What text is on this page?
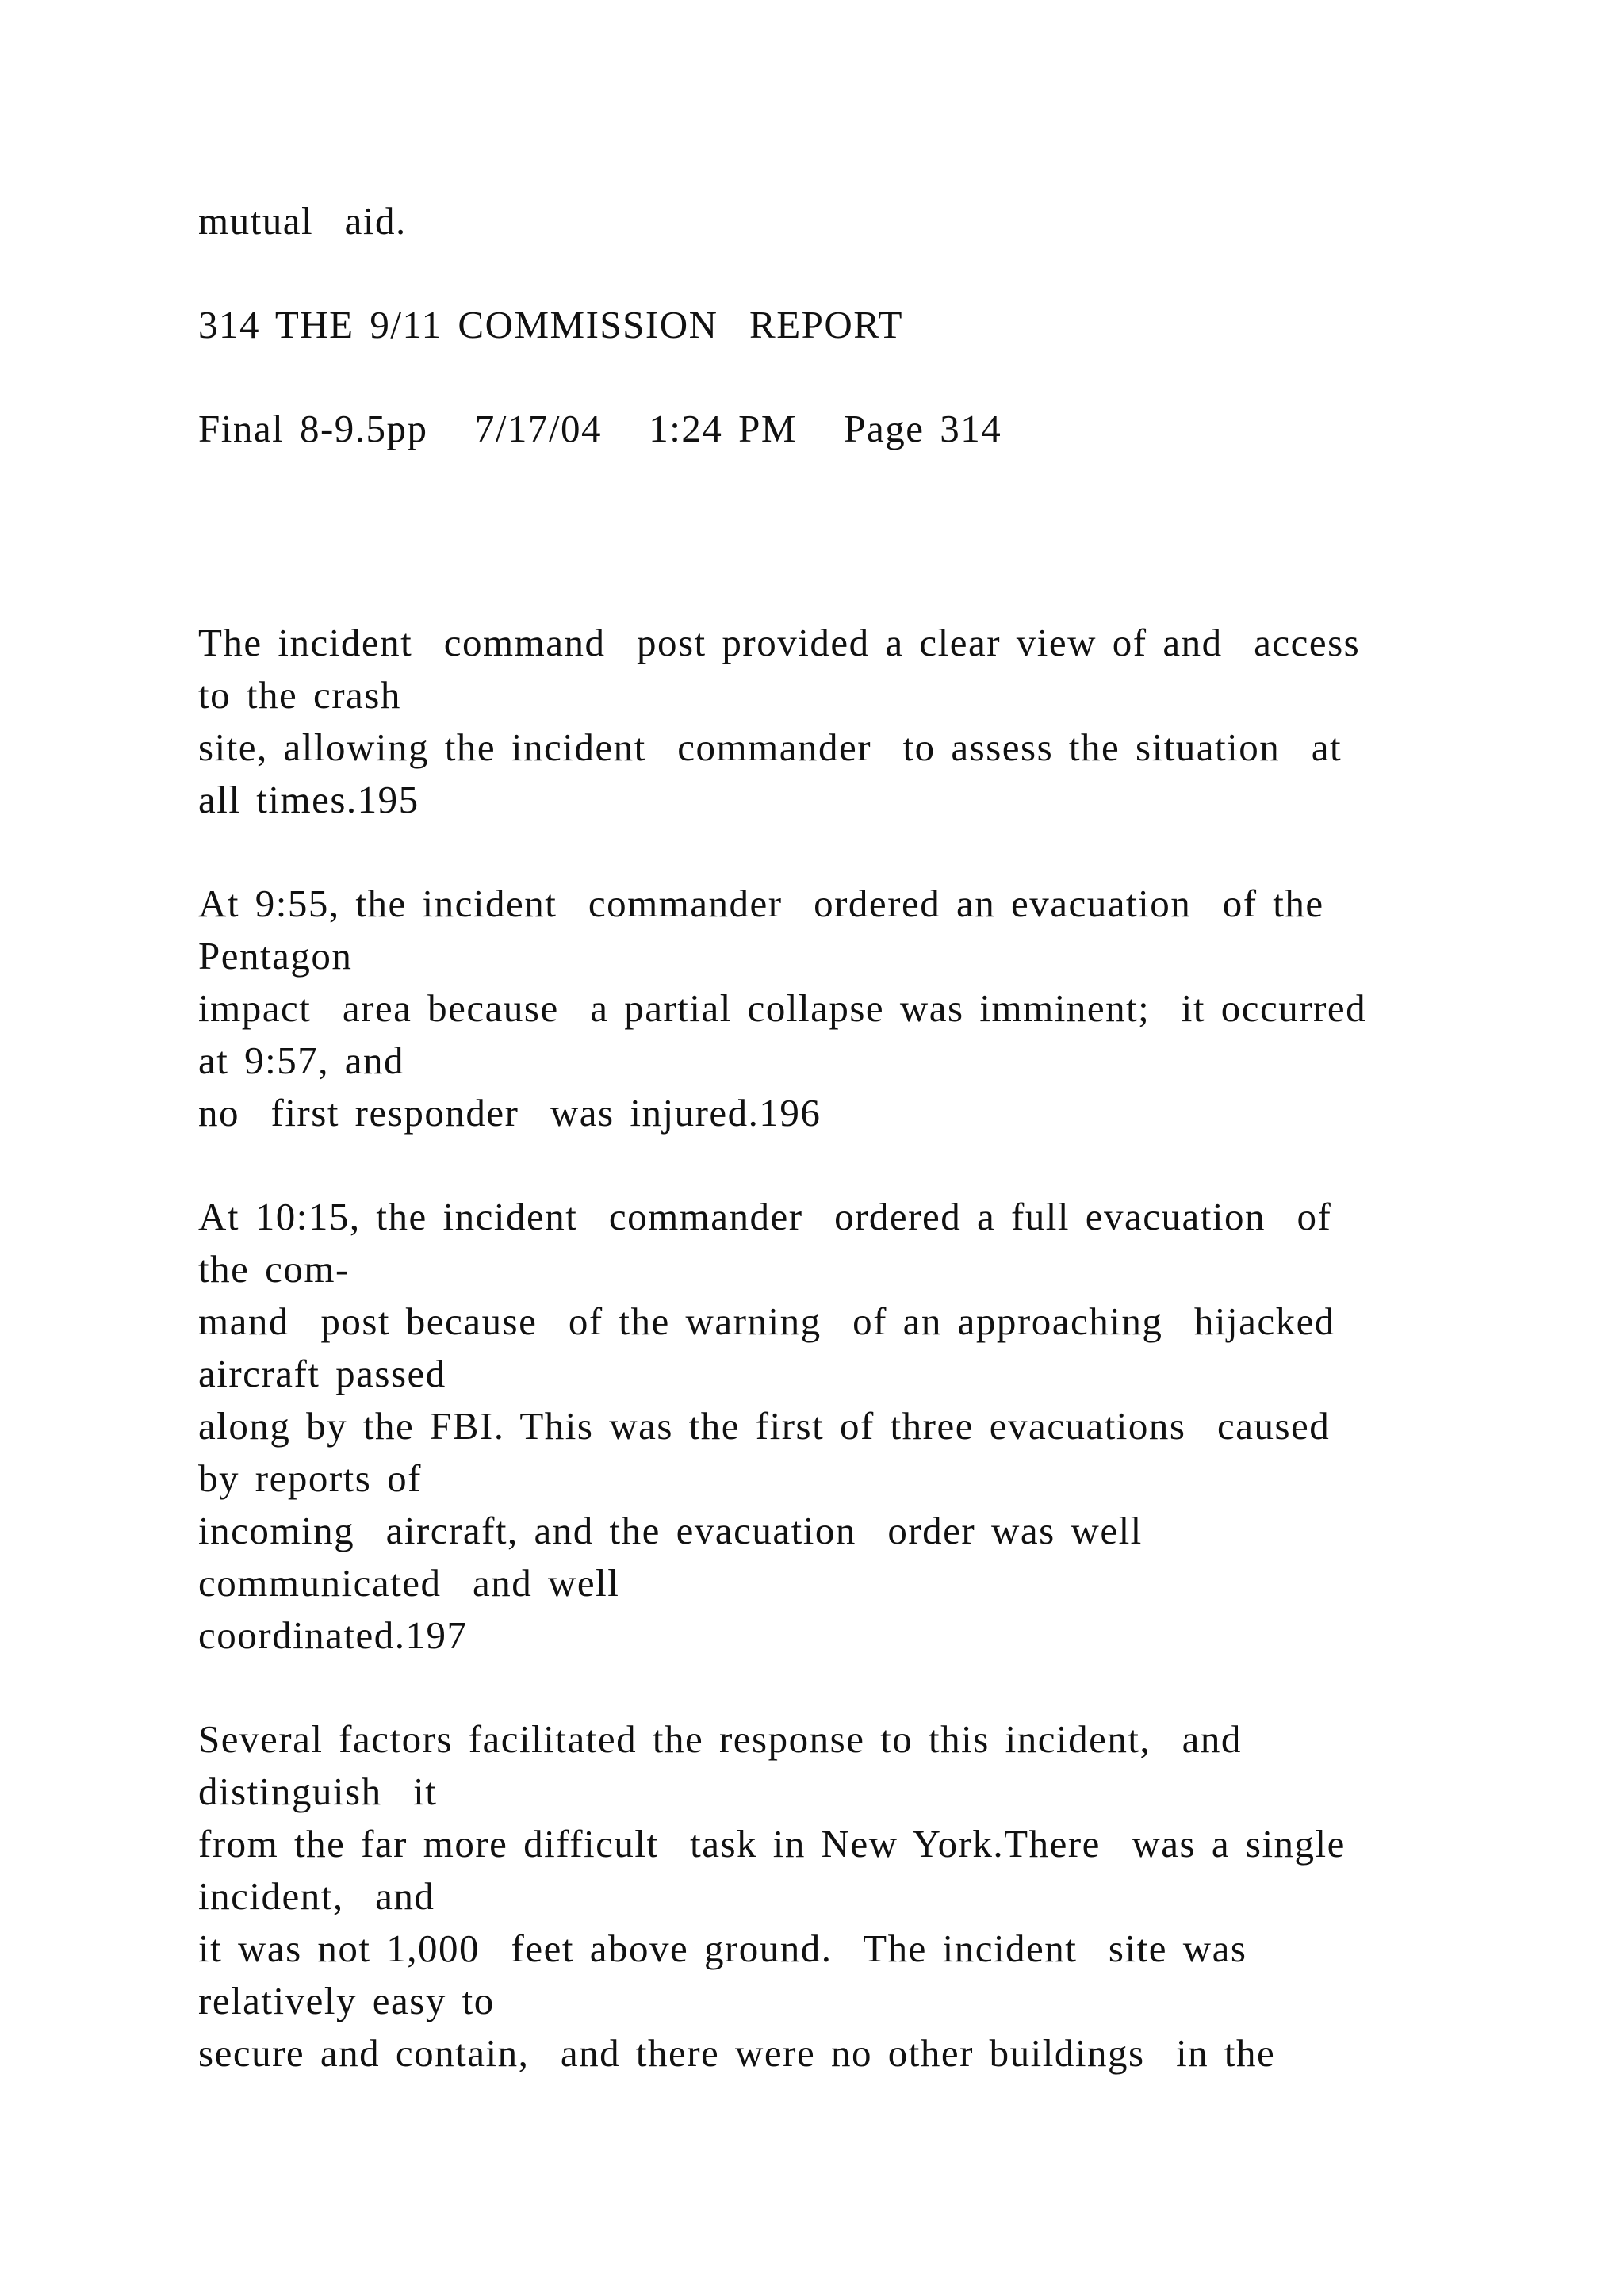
mutual  aid.

314 THE 9/11 COMMISSION  REPORT

Final 8-9.5pp   7/17/04   1:24 PM   Page 314

The incident  command  post provided a clear view of and  access

to the crash

site, allowing the incident  commander  to assess the situation  at

all times.195

At 9:55, the incident  commander  ordered an evacuation  of the

Pentagon

impact  area because  a partial collapse was imminent;  it occurred

at 9:57, and

no  first responder  was injured.196

At 10:15, the incident  commander  ordered a full evacuation  of

the com-

mand  post because  of the warning  of an approaching  hijacked

aircraft passed

along by the FBI. This was the first of three evacuations  caused

by reports of

incoming  aircraft, and the evacuation  order was well

communicated  and well

coordinated.197

Several factors facilitated the response to this incident,  and

distinguish  it

from the far more difficult  task in New York.There  was a single

incident,  and

it was not 1,000  feet above ground.  The incident  site was

relatively easy to

secure and contain,  and there were no other buildings  in the
